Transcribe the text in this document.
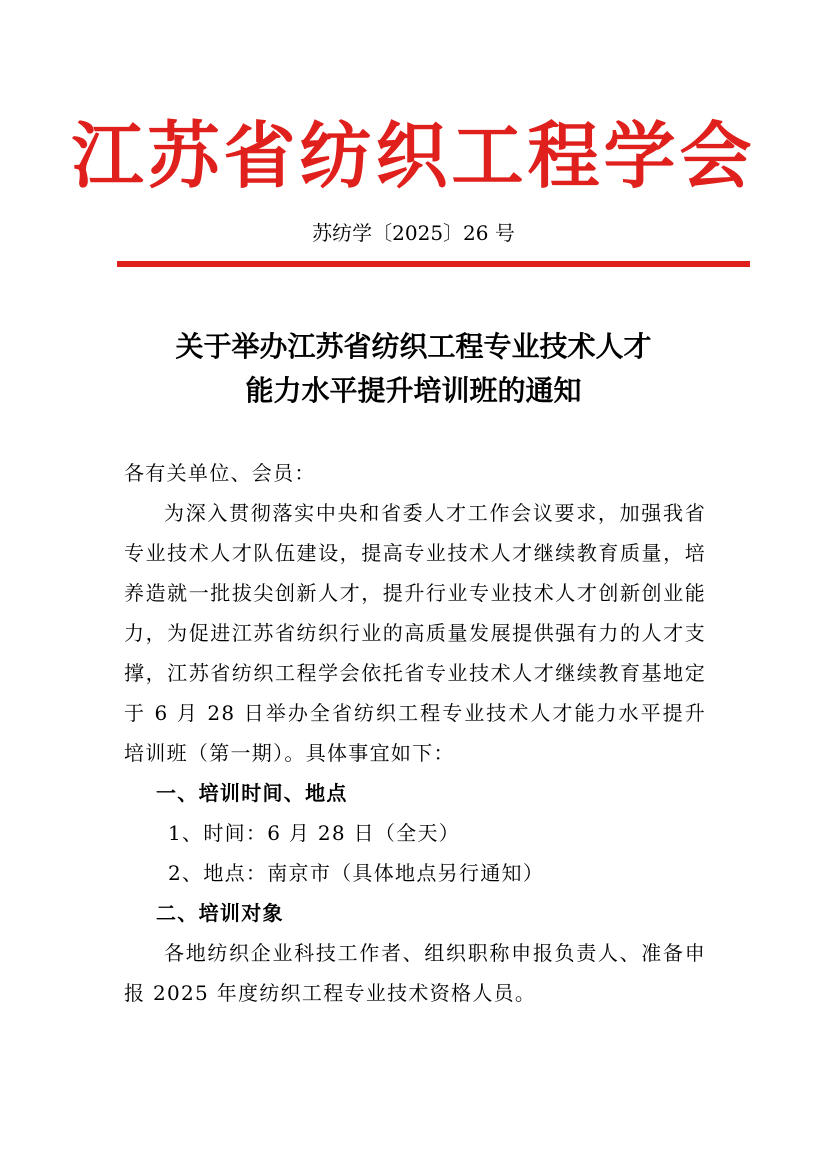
江苏省纺织工程学会
苏纺学〔2025〕26 号
关于举办江苏省纺织工程专业技术人才
能力水平提升培训班的通知

各有关单位、会员：

为深入贯彻落实中央和省委人才工作会议要求，加强我省专业技术人才队伍建设，提高专业技术人才继续教育质量，培养造就一批拔尖创新人才，提升行业专业技术人才创新创业能力，为促进江苏省纺织行业的高质量发展提供强有力的人才支撑，江苏省纺织工程学会依托省专业技术人才继续教育基地定于 6 月 28 日举办全省纺织工程专业技术人才能力水平提升培训班（第一期）。具体事宜如下：

一、培训时间、地点

1、时间：6 月 28 日（全天）

2、地点：南京市（具体地点另行通知）

二、培训对象

各地纺织企业科技工作者、组织职称申报负责人、准备申报 2025 年度纺织工程专业技术资格人员。
